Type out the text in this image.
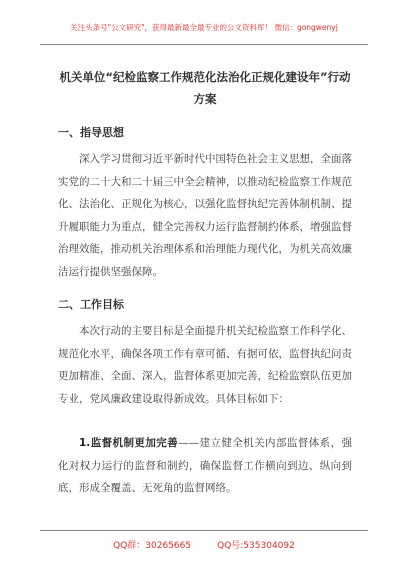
关注头条号"公文研究"，获得最新最全最专业的公文资料库！ 微信：gongwenyj
机关单位“纪检监察工作规范化法治化正规化建设年”行动方案
一、指导思想
深入学习贯彻习近平新时代中国特色社会主义思想，全面落实党的二十大和二十届三中全会精神，以推动纪检监察工作规范化、法治化、正规化为核心，以强化监督执纪完善体制机制、提升履职能力为重点，健全完善权力运行监督制约体系，增强监督治理效能，推动机关治理体系和治理能力现代化，为机关高效廉洁运行提供坚强保障。
二、工作目标
本次行动的主要目标是全面提升机关纪检监察工作科学化、规范化水平，确保各项工作有章可循、有据可依，监督执纪问责更加精准、全面、深入，监督体系更加完善，纪检监察队伍更加专业，党风廉政建设取得新成效。具体目标如下：
1.监督机制更加完善——建立健全机关内部监督体系，强化对权力运行的监督和制约，确保监督工作横向到边、纵向到底，形成全覆盖、无死角的监督网络。
QQ群：30265665	QQ号:535304092
